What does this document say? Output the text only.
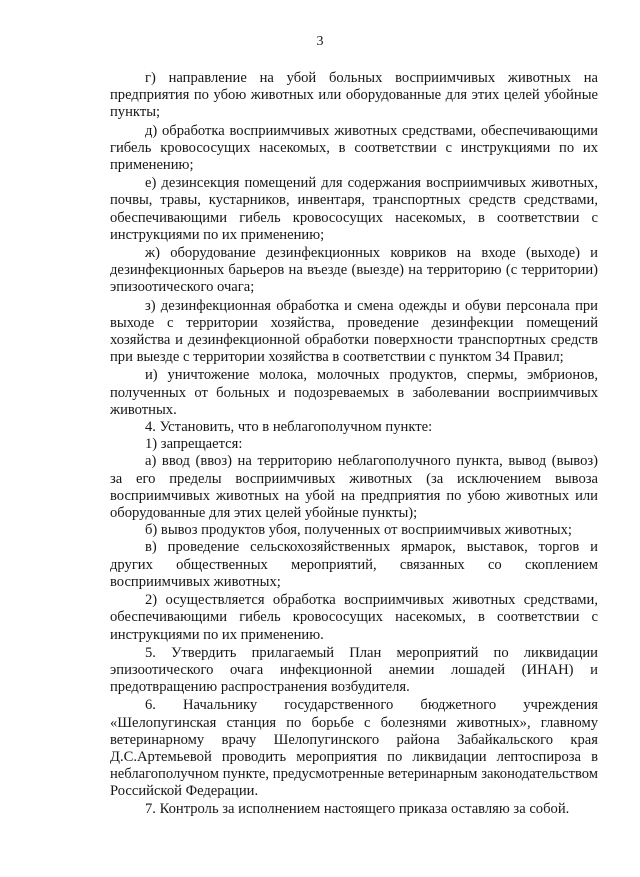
3

г) направление на убой больных восприимчивых животных на предприятия по убою животных или оборудованные для этих целей убойные пункты;

д) обработка восприимчивых животных средствами, обеспечивающими гибель кровососущих насекомых, в соответствии с инструкциями по их применению;

е) дезинсекция помещений для содержания восприимчивых животных, почвы, травы, кустарников, инвентаря, транспортных средств средствами, обеспечивающими гибель кровососущих насекомых, в соответствии с инструкциями по их применению;

ж) оборудование дезинфекционных ковриков на входе (выходе) и дезинфекционных барьеров на въезде (выезде) на территорию (с территории) эпизоотического очага;

з) дезинфекционная обработка и смена одежды и обуви персонала при выходе с территории хозяйства, проведение дезинфекции помещений хозяйства и дезинфекционной обработки поверхности транспортных средств при выезде с территории хозяйства в соответствии с пунктом 34 Правил;

и) уничтожение молока, молочных продуктов, спермы, эмбрионов, полученных от больных и подозреваемых в заболевании восприимчивых животных.

4. Установить, что в неблагополучном пункте:

1) запрещается:

а) ввод (ввоз) на территорию неблагополучного пункта, вывод (вывоз) за его пределы восприимчивых животных (за исключением вывоза восприимчивых животных на убой на предприятия по убою животных или оборудованные для этих целей убойные пункты);

б) вывоз продуктов убоя, полученных от восприимчивых животных;

в) проведение сельскохозяйственных ярмарок, выставок, торгов и других общественных мероприятий, связанных со скоплением восприимчивых животных;

2) осуществляется обработка восприимчивых животных средствами, обеспечивающими гибель кровососущих насекомых, в соответствии с инструкциями по их применению.

5. Утвердить прилагаемый План мероприятий по ликвидации эпизоотического очага инфекционной анемии лошадей (ИНАН) и предотвращению распространения возбудителя.

6. Начальнику государственного бюджетного учреждения «Шелопугинская станция по борьбе с болезнями животных», главному ветеринарному врачу Шелопугинского района Забайкальского края Д.С.Артемьевой проводить мероприятия по ликвидации лептоспироза в неблагополучном пункте, предусмотренные ветеринарным законодательством Российской Федерации.

7. Контроль за исполнением настоящего приказа оставляю за собой.
